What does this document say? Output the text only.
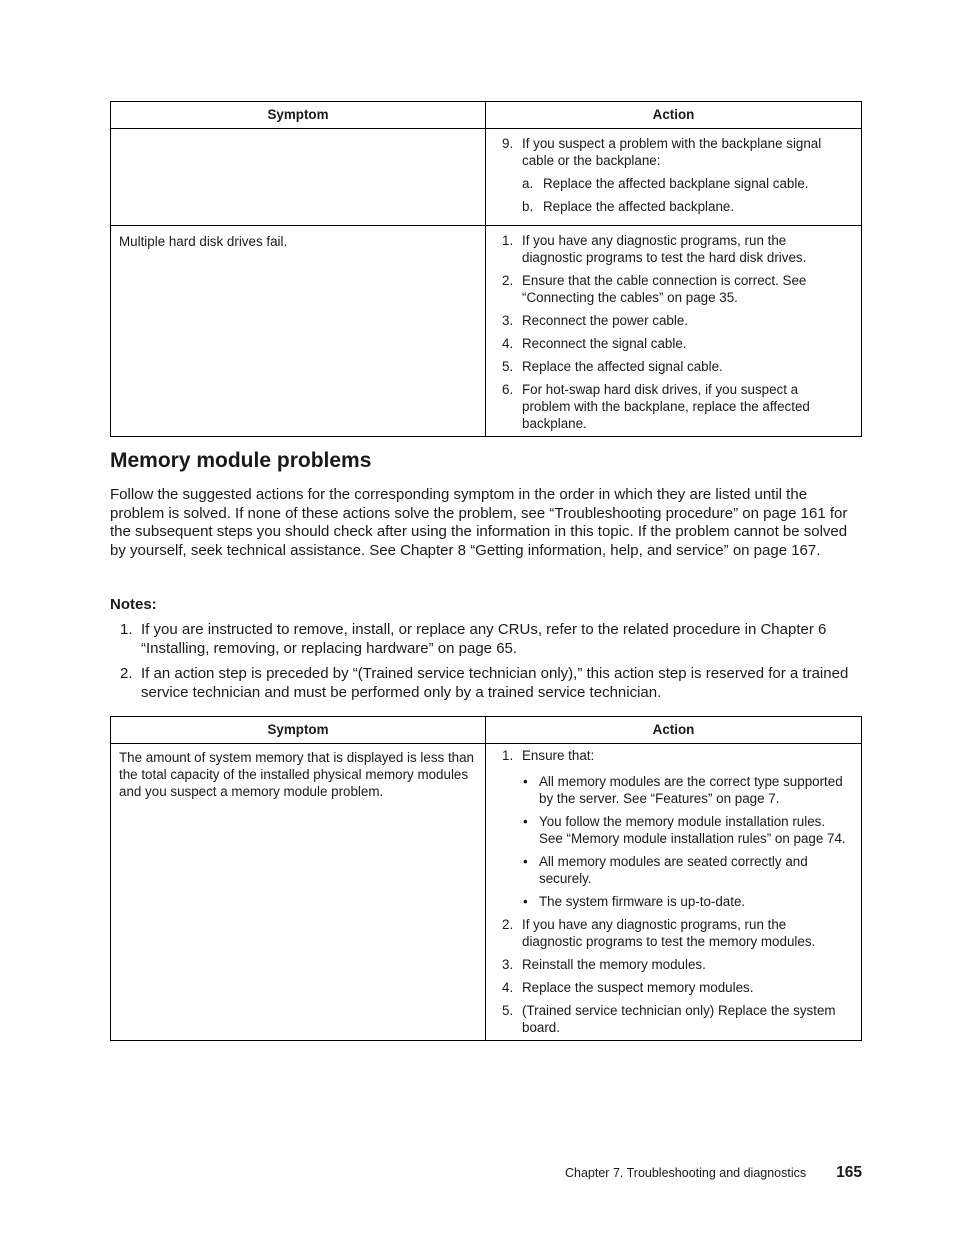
Symptom	Action
9. If you suspect a problem with the backplane signal cable or the backplane:
a. Replace the affected backplane signal cable.
b. Replace the affected backplane.
Multiple hard disk drives fail.	1. If you have any diagnostic programs, run the diagnostic programs to test the hard disk drives.
2. Ensure that the cable connection is correct. See “Connecting the cables” on page 35.
3. Reconnect the power cable.
4. Reconnect the signal cable.
5. Replace the affected signal cable.
6. For hot-swap hard disk drives, if you suspect a problem with the backplane, replace the affected backplane.
Memory module problems

Follow the suggested actions for the corresponding symptom in the order in which they are listed until the problem is solved. If none of these actions solve the problem, see “Troubleshooting procedure” on page 161 for the subsequent steps you should check after using the information in this topic. If the problem cannot be solved by yourself, seek technical assistance. See Chapter 8 “Getting information, help, and service” on page 167.

Notes:

1. If you are instructed to remove, install, or replace any CRUs, refer to the related procedure in Chapter 6 “Installing, removing, or replacing hardware” on page 65.
2. If an action step is preceded by “(Trained service technician only),” this action step is reserved for a trained service technician and must be performed only by a trained service technician.
Symptom	Action
The amount of system memory that is displayed is less than the total capacity of the installed physical memory modules and you suspect a memory module problem.
1. Ensure that:
• All memory modules are the correct type supported by the server. See “Features” on page 7.
• You follow the memory module installation rules. See “Memory module installation rules” on page 74.
• All memory modules are seated correctly and securely.
• The system firmware is up-to-date.
2. If you have any diagnostic programs, run the diagnostic programs to test the memory modules.
3. Reinstall the memory modules.
4. Replace the suspect memory modules.
5. (Trained service technician only) Replace the system board.
Chapter 7. Troubleshooting and diagnostics 165
